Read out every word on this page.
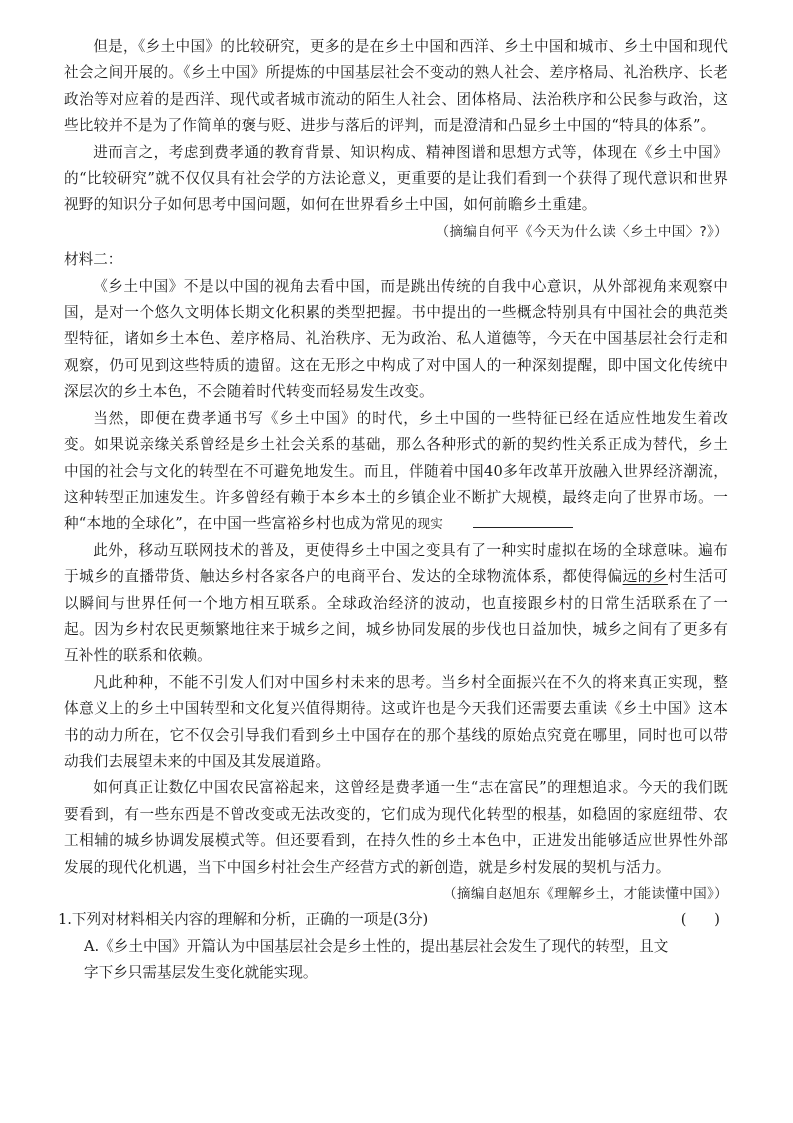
但是，《乡土中国》的比较研究，更多的是在乡土中国和西洋、乡土中国和城市、乡土中国和现代社会之间开展的。《乡土中国》所提炼的中国基层社会不变动的熟人社会、差序格局、礼治秩序、长老政治等对应着的是西洋、现代或者城市流动的陌生人社会、团体格局、法治秩序和公民参与政治，这些比较并不是为了作简单的褒与贬、进步与落后的评判，而是澄清和凸显乡土中国的“特具的体系”。

进而言之，考虑到费孝通的教育背景、知识构成、精神图谱和思想方式等，体现在《乡土中国》的“比较研究”就不仅仅具有社会学的方法论意义，更重要的是让我们看到一个获得了现代意识和世界视野的知识分子如何思考中国问题，如何在世界看乡土中国，如何前瞻乡土重建。

（摘编自何平《今天为什么读〈乡土中国〉?》）

材料二：

《乡土中国》不是以中国的视角去看中国，而是跳出传统的自我中心意识，从外部视角来观察中国，是对一个悠久文明体长期文化积累的类型把握。书中提出的一些概念特别具有中国社会的典范类型特征，诸如乡土本色、差序格局、礼治秩序、无为政治、私人道德等，今天在中国基层社会行走和观察，仍可见到这些特质的遗留。这在无形之中构成了对中国人的一种深刻提醒，即中国文化传统中深层次的乡土本色，不会随着时代转变而轻易发生改变。

当然，即便在费孝通书写《乡土中国》的时代，乡土中国的一些特征已经在适应性地发生着改变。如果说亲缘关系曾经是乡土社会关系的基础，那么各种形式的新的契约性关系正成为替代，乡土中国的社会与文化的转型在不可避免地发生。而且，伴随着中国40多年改革开放融入世界经济潮流，这种转型正加速发生。许多曾经有赖于本乡本土的乡镇企业不断扩大规模，最终走向了世界市场。一种“本地的全球化”，在中国一些富裕乡村也成为常见的现实

此外，移动互联网技术的普及，更使得乡土中国之变具有了一种实时虚拟在场的全球意味。遍布于城乡的直播带货、触达乡村各家各户的电商平台、发达的全球物流体系，都使得偏远的乡村生活可以瞬间与世界任何一个地方相互联系。全球政治经济的波动，也直接跟乡村的日常生活联系在了一起。因为乡村农民更频繁地往来于城乡之间，城乡协同发展的步伐也日益加快，城乡之间有了更多有互补性的联系和依赖。

凡此种种，不能不引发人们对中国乡村未来的思考。当乡村全面振兴在不久的将来真正实现，整体意义上的乡土中国转型和文化复兴值得期待。这或许也是今天我们还需要去重读《乡土中国》这本书的动力所在，它不仅会引导我们看到乡土中国存在的那个基线的原始点究竟在哪里，同时也可以带动我们去展望未来的中国及其发展道路。

如何真正让数亿中国农民富裕起来，这曾经是费孝通一生“志在富民”的理想追求。今天的我们既要看到，有一些东西是不曾改变或无法改变的，它们成为现代化转型的根基，如稳固的家庭纽带、农工相辅的城乡协调发展模式等。但还要看到，在持久性的乡土本色中，正进发出能够适应世界性外部发展的现代化机遇，当下中国乡村社会生产经营方式的新创造，就是乡村发展的契机与活力。

（摘编自赵旭东《理解乡土，才能读懂中国》）

1.下列对材料相关内容的理解和分析，正确的一项是(3分)	(      )

A.《乡土中国》开篇认为中国基层社会是乡土性的，提出基层社会发生了现代的转型，且文

字下乡只需基层发生变化就能实现。
